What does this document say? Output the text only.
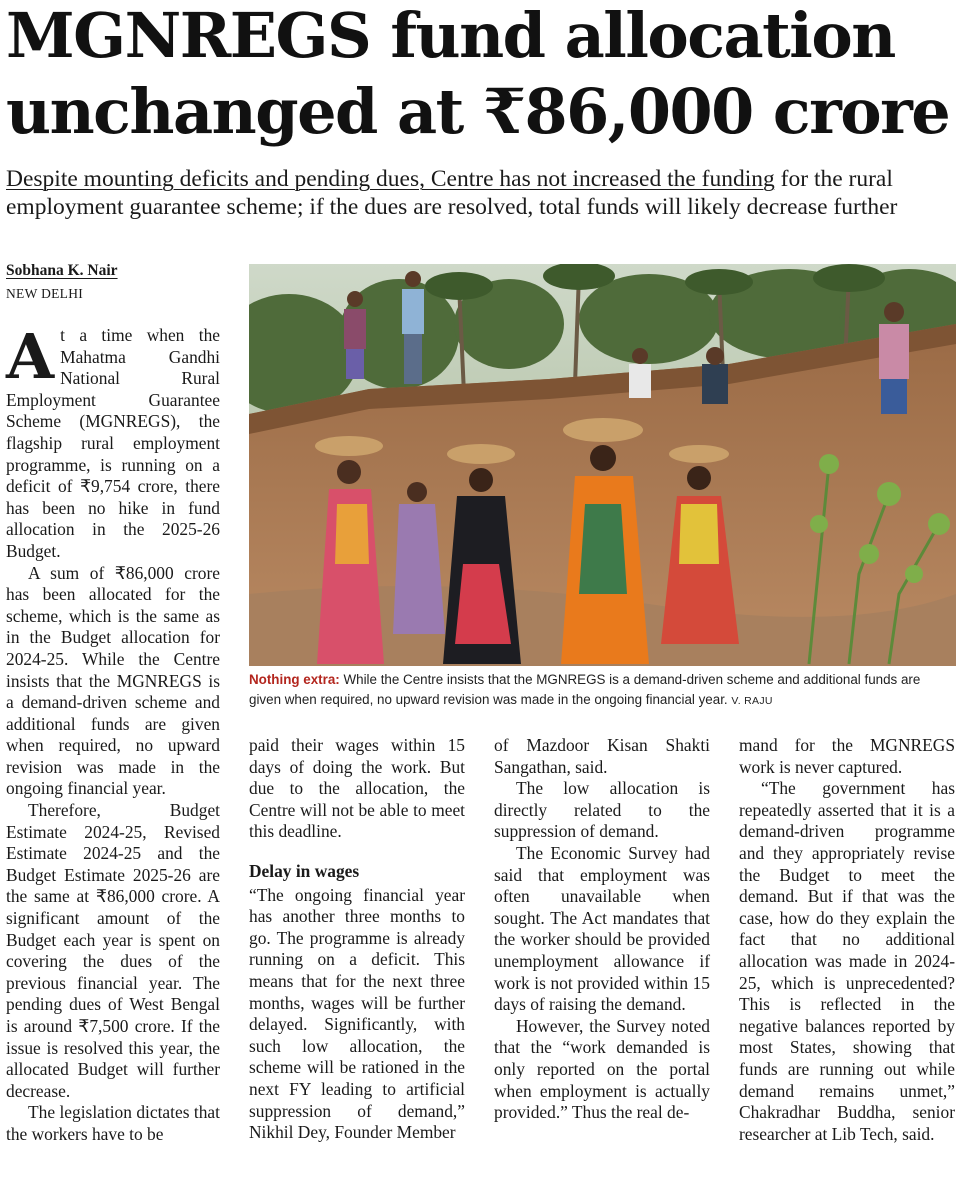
MGNREGS fund allocation unchanged at ₹86,000 crore

Despite mounting deficits and pending dues, Centre has not increased the funding for the rural employment guarantee scheme; if the dues are resolved, total funds will likely decrease further

Sobhana K. Nair
NEW DELHI

At a time when the Mahatma Gandhi National Rural Employment Guarantee Scheme (MGNREGS), the flagship rural employment programme, is running on a deficit of ₹9,754 crore, there has been no hike in fund allocation in the 2025-26 Budget.

A sum of ₹86,000 crore has been allocated for the scheme, which is the same as in the Budget allocation for 2024-25. While the Centre insists that the MGNREGS is a demand-driven scheme and additional funds are given when required, no upward revision was made in the ongoing financial year.

Therefore, Budget Estimate 2024-25, Revised Estimate 2024-25 and the Budget Estimate 2025-26 are the same at ₹86,000 crore. A significant amount of the Budget each year is spent on covering the dues of the previous financial year. The pending dues of West Bengal is around ₹7,500 crore. If the issue is resolved this year, the allocated Budget will further decrease.

The legislation dictates that the workers have to be

Nothing extra: While the Centre insists that the MGNREGS is a demand-driven scheme and additional funds are given when required, no upward revision was made in the ongoing financial year. V. RAJU

paid their wages within 15 days of doing the work. But due to the allocation, the Centre will not be able to meet this deadline.

Delay in wages

“The ongoing financial year has another three months to go. The programme is already running on a deficit. This means that for the next three months, wages will be further delayed. Significantly, with such low allocation, the scheme will be rationed in the next FY leading to artificial suppression of demand,” Nikhil Dey, Founder Member

of Mazdoor Kisan Shakti Sangathan, said.

The low allocation is directly related to the suppression of demand.

The Economic Survey had said that employment was often unavailable when sought. The Act mandates that the worker should be provided unemployment allowance if work is not provided within 15 days of raising the demand.

However, the Survey noted that the “work demanded is only reported on the portal when employment is actually provided.” Thus the real de-

mand for the MGNREGS work is never captured.

“The government has repeatedly asserted that it is a demand-driven programme and they appropriately revise the Budget to meet the demand. But if that was the case, how do they explain the fact that no additional allocation was made in 2024-25, which is unprecedented? This is reflected in the negative balances reported by most States, showing that funds are running out while demand remains unmet,” Chakradhar Buddha, senior researcher at Lib Tech, said.
